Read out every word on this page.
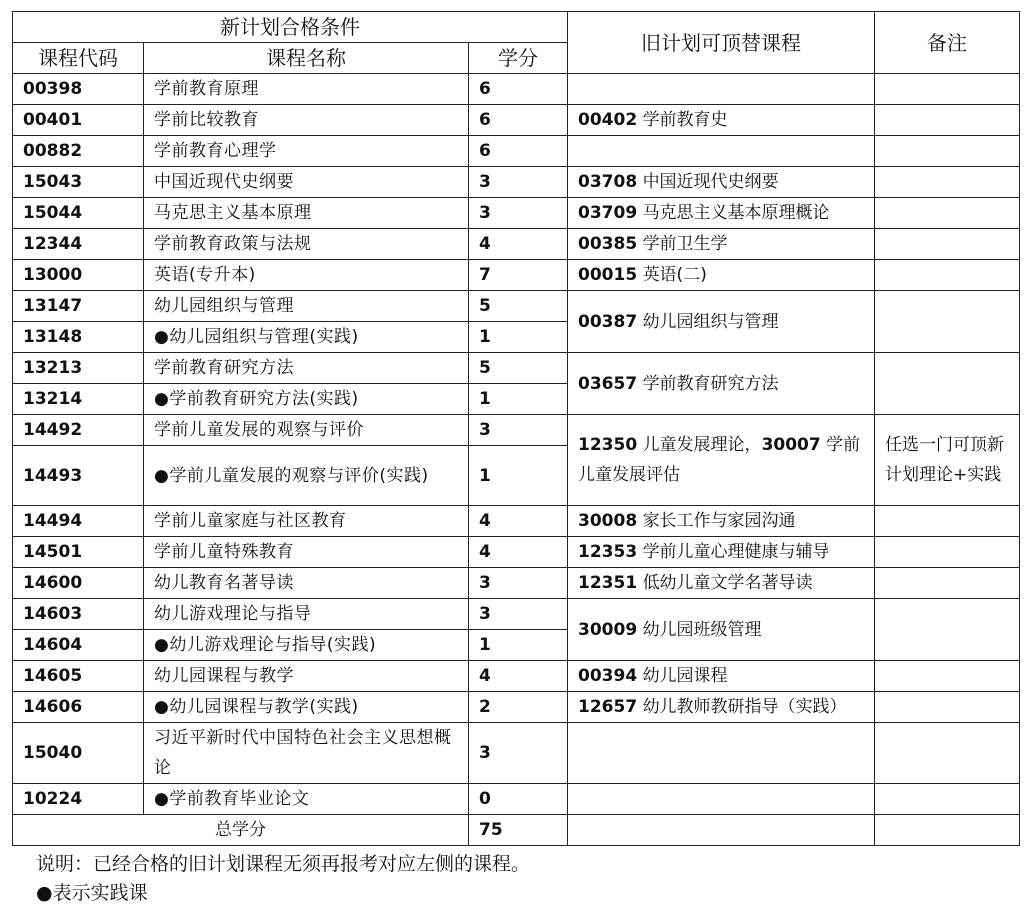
新计划合格条件			旧计划可顶替课程	备注
课程代码	课程名称	学分		
00398	学前教育原理	6		
00401	学前比较教育	6	00402 学前教育史	
00882	学前教育心理学	6		
15043	中国近现代史纲要	3	03708 中国近现代史纲要	
15044	马克思主义基本原理	3	03709 马克思主义基本原理概论	
12344	学前教育政策与法规	4	00385 学前卫生学	
13000	英语(专升本)	7	00015 英语(二)	
13147	幼儿园组织与管理	5	00387 幼儿园组织与管理	
13148	●幼儿园组织与管理(实践)	1		
13213	学前教育研究方法	5	03657 学前教育研究方法	
13214	●学前教育研究方法(实践)	1		
14492	学前儿童发展的观察与评价	3	12350 儿童发展理论，30007 学前儿童发展评估	任选一门可顶新计划理论+实践
14493	●学前儿童发展的观察与评价(实践)	1		
14494	学前儿童家庭与社区教育	4	30008 家长工作与家园沟通	
14501	学前儿童特殊教育	4	12353 学前儿童心理健康与辅导	
14600	幼儿教育名著导读	3	12351 低幼儿童文学名著导读	
14603	幼儿游戏理论与指导	3	30009 幼儿园班级管理	
14604	●幼儿游戏理论与指导(实践)	1		
14605	幼儿园课程与教学	4	00394 幼儿园课程	
14606	●幼儿园课程与教学(实践)	2	12657 幼儿教师教研指导（实践）	
15040	习近平新时代中国特色社会主义思想概论	3		
10224	●学前教育毕业论文	0		
总学分		75		
说明：已经合格的旧计划课程无须再报考对应左侧的课程。
●表示实践课
